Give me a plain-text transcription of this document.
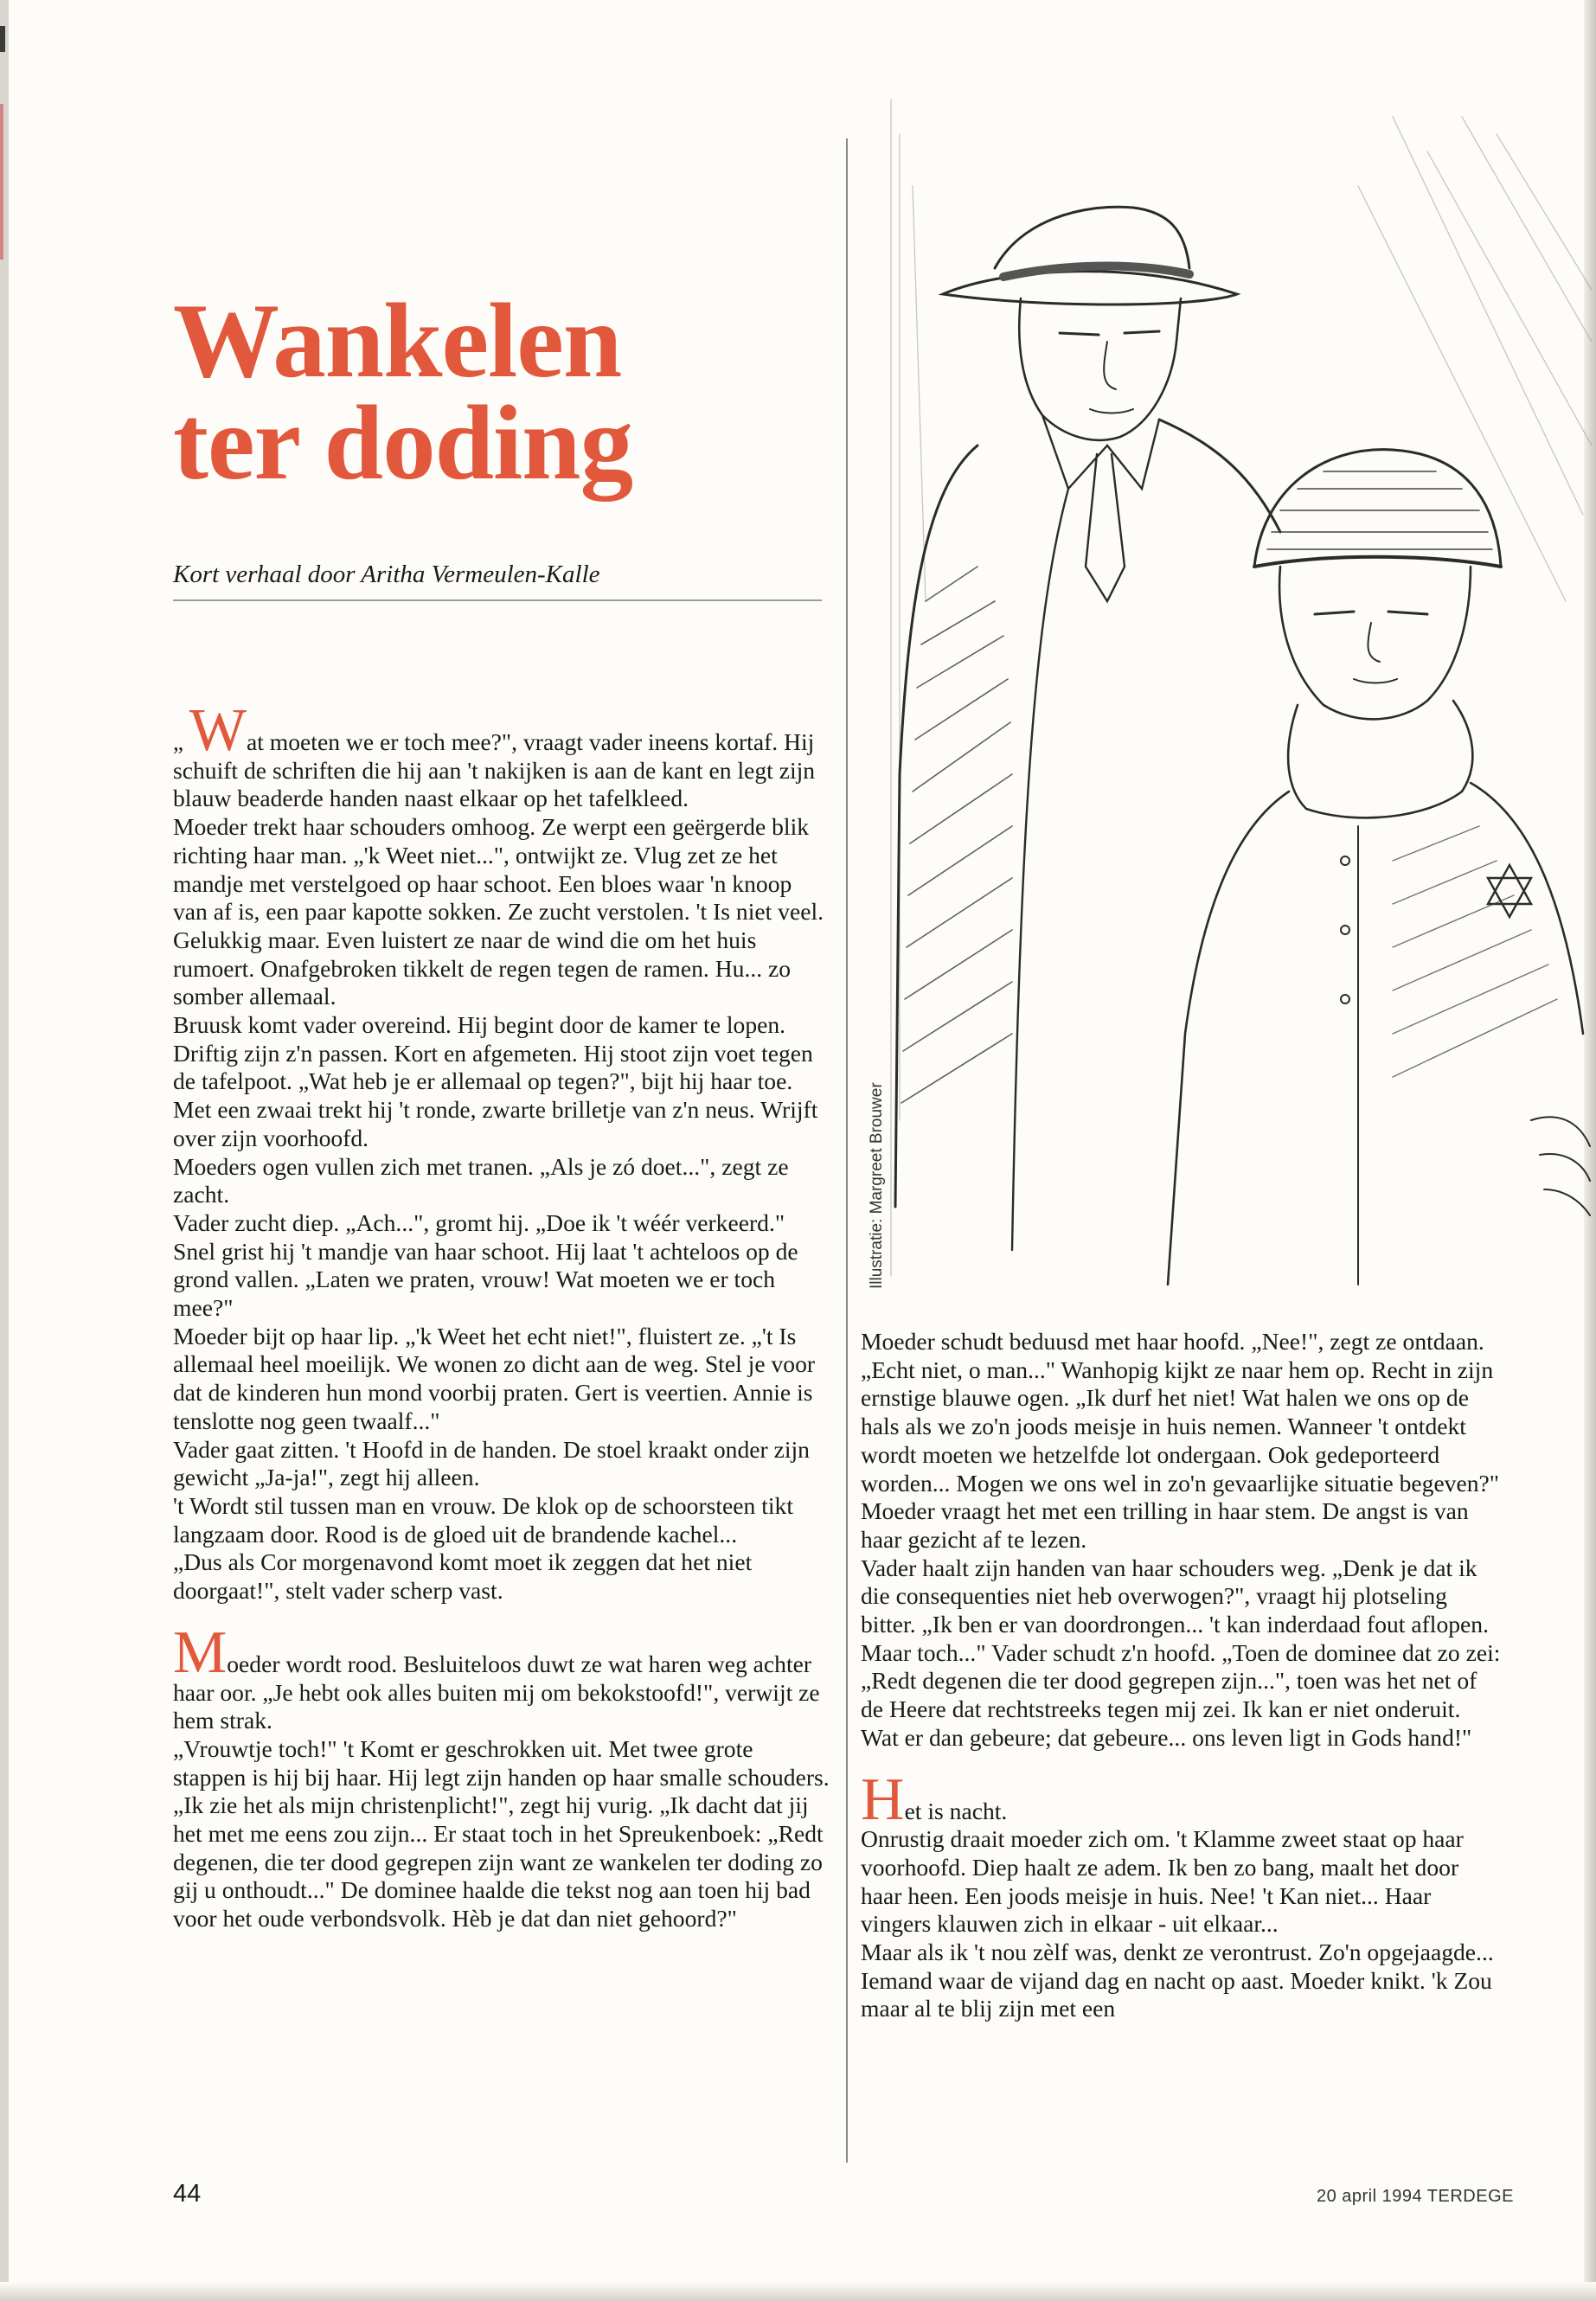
Wankelen
ter doding

Kort verhaal door Aritha Vermeulen-Kalle

„ Wat moeten we er toch mee?", vraagt vader ineens kortaf. Hij schuift de schriften die hij aan 't nakijken is aan de kant en legt zijn blauw beaderde handen naast elkaar op het tafelkleed.

Moeder trekt haar schouders omhoog. Ze werpt een geërgerde blik richting haar man. „'k Weet niet...", ontwijkt ze. Vlug zet ze het mandje met verstelgoed op haar schoot. Een bloes waar 'n knoop van af is, een paar kapotte sokken. Ze zucht verstolen. 't Is niet veel. Gelukkig maar. Even luistert ze naar de wind die om het huis rumoert. Onafgebroken tikkelt de regen tegen de ramen. Hu... zo somber allemaal.

Bruusk komt vader overeind. Hij begint door de kamer te lopen. Driftig zijn z'n passen. Kort en afgemeten. Hij stoot zijn voet tegen de tafelpoot. „Wat heb je er allemaal op tegen?", bijt hij haar toe. Met een zwaai trekt hij 't ronde, zwarte brilletje van z'n neus. Wrijft over zijn voorhoofd.

Moeders ogen vullen zich met tranen. „Als je zó doet...", zegt ze zacht.

Vader zucht diep. „Ach...", gromt hij. „Doe ik 't wéér verkeerd." Snel grist hij 't mandje van haar schoot. Hij laat 't achteloos op de grond vallen. „Laten we praten, vrouw! Wat moeten we er toch mee?"

Moeder bijt op haar lip. „'k Weet het echt niet!", fluistert ze. „'t Is allemaal heel moeilijk. We wonen zo dicht aan de weg. Stel je voor dat de kinderen hun mond voorbij praten. Gert is veertien. Annie is tenslotte nog geen twaalf..."

Vader gaat zitten. 't Hoofd in de handen. De stoel kraakt onder zijn gewicht „Ja-ja!", zegt hij alleen.

't Wordt stil tussen man en vrouw. De klok op de schoorsteen tikt langzaam door. Rood is de gloed uit de brandende kachel...

„Dus als Cor morgenavond komt moet ik zeggen dat het niet doorgaat!", stelt vader scherp vast.

Moeder wordt rood. Besluiteloos duwt ze wat haren weg achter haar oor. „Je hebt ook alles buiten mij om bekokstoofd!", verwijt ze hem strak.

„Vrouwtje toch!" 't Komt er geschrokken uit. Met twee grote stappen is hij bij haar. Hij legt zijn handen op haar smalle schouders. „Ik zie het als mijn christenplicht!", zegt hij vurig. „Ik dacht dat jij het met me eens zou zijn... Er staat toch in het Spreukenboek: „Redt degenen, die ter dood gegrepen zijn want ze wankelen ter doding zo gij u onthoudt..." De dominee haalde die tekst nog aan toen hij bad voor het oude verbondsvolk. Hèb je dat dan niet gehoord?"

Illustratie: Margreet Brouwer

Moeder schudt beduusd met haar hoofd. „Nee!", zegt ze ontdaan. „Echt niet, o man..." Wanhopig kijkt ze naar hem op. Recht in zijn ernstige blauwe ogen. „Ik durf het niet! Wat halen we ons op de hals als we zo'n joods meisje in huis nemen. Wanneer 't ontdekt wordt moeten we hetzelfde lot ondergaan. Ook gedeporteerd worden... Mogen we ons wel in zo'n gevaarlijke situatie begeven?"

Moeder vraagt het met een trilling in haar stem. De angst is van haar gezicht af te lezen.

Vader haalt zijn handen van haar schouders weg. „Denk je dat ik die consequenties niet heb overwogen?", vraagt hij plotseling bitter. „Ik ben er van doordrongen... 't kan inderdaad fout aflopen. Maar toch..." Vader schudt z'n hoofd. „Toen de dominee dat zo zei: „Redt degenen die ter dood gegrepen zijn...", toen was het net of de Heere dat rechtstreeks tegen mij zei. Ik kan er niet onderuit. Wat er dan gebeure; dat gebeure... ons leven ligt in Gods hand!"

Het is nacht.

Onrustig draait moeder zich om. 't Klamme zweet staat op haar voorhoofd. Diep haalt ze adem. Ik ben zo bang, maalt het door haar heen. Een joods meisje in huis. Nee! 't Kan niet... Haar vingers klauwen zich in elkaar - uit elkaar...

Maar als ik 't nou zèlf was, denkt ze verontrust. Zo'n opgejaagde... Iemand waar de vijand dag en nacht op aast. Moeder knikt. 'k Zou maar al te blij zijn met een

44	20 april 1994 TERDEGE
